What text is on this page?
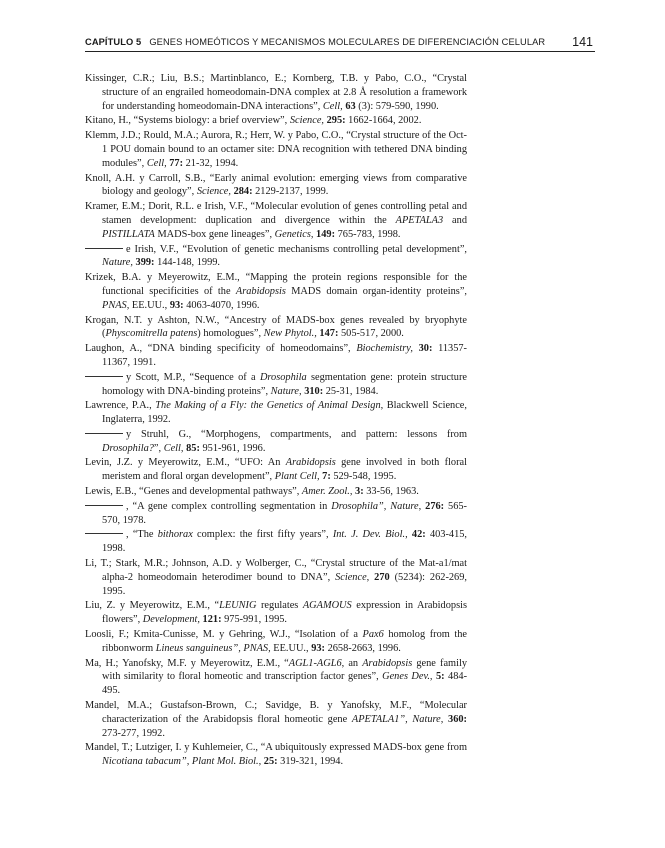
CAPÍTULO 5 GENES HOMEÓTICOS Y MECANISMOS MOLECULARES DE DIFERENCIACIÓN CELULAR 141

Kissinger, C.R.; Liu, B.S.; Martinblanco, E.; Kornberg, T.B. y Pabo, C.O., “Crystal structure of an engrailed homeodomain-DNA complex at 2.8 Å resolution a framework for understanding homeodomain-DNA interactions”, Cell, 63 (3): 579-590, 1990.

Kitano, H., “Systems biology: a brief overview”, Science, 295: 1662-1664, 2002.

Klemm, J.D.; Rould, M.A.; Aurora, R.; Herr, W. y Pabo, C.O., “Crystal structure of the Oct-1 POU domain bound to an octamer site: DNA recognition with tethered DNA binding modules”, Cell, 77: 21-32, 1994.

Knoll, A.H. y Carroll, S.B., “Early animal evolution: emerging views from comparative biology and geology”, Science, 284: 2129-2137, 1999.

Kramer, E.M.; Dorit, R.L. e Irish, V.F., “Molecular evolution of genes controlling petal and stamen development: duplication and divergence within the APETALA3 and PISTILLATA MADS-box gene lineages”, Genetics, 149: 765-783, 1998.

e Irish, V.F., “Evolution of genetic mechanisms controlling petal development”, Nature, 399: 144-148, 1999.

Krizek, B.A. y Meyerowitz, E.M., “Mapping the protein regions responsible for the functional specificities of the Arabidopsis MADS domain organ-identity proteins”, PNAS, EE.UU., 93: 4063-4070, 1996.

Krogan, N.T. y Ashton, N.W., “Ancestry of MADS-box genes revealed by bryophyte (Physcomitrella patens) homologues”, New Phytol., 147: 505-517, 2000.

Laughon, A., “DNA binding specificity of homeodomains”, Biochemistry, 30: 11357-11367, 1991.

y Scott, M.P., “Sequence of a Drosophila segmentation gene: protein structure homology with DNA-binding proteins”, Nature, 310: 25-31, 1984.

Lawrence, P.A., The Making of a Fly: the Genetics of Animal Design, Blackwell Science, Inglaterra, 1992.

y Struhl, G., “Morphogens, compartments, and pattern: lessons from Drosophila?”, Cell, 85: 951-961, 1996.

Levin, J.Z. y Meyerowitz, E.M., “UFO: An Arabidopsis gene involved in both floral meristem and floral organ development”, Plant Cell, 7: 529-548, 1995.

Lewis, E.B., “Genes and developmental pathways”, Amer. Zool., 3: 33-56, 1963.

, “A gene complex controlling segmentation in Drosophila”, Nature, 276: 565-570, 1978.

, “The bithorax complex: the first fifty years”, Int. J. Dev. Biol., 42: 403-415, 1998.

Li, T.; Stark, M.R.; Johnson, A.D. y Wolberger, C., “Crystal structure of the Mat-a1/mat alpha-2 homeodomain heterodimer bound to DNA”, Science, 270 (5234): 262-269, 1995.

Liu, Z. y Meyerowitz, E.M., “LEUNIG regulates AGAMOUS expression in Arabidopsis flowers”, Development, 121: 975-991, 1995.

Loosli, F.; Kmita-Cunisse, M. y Gehring, W.J., “Isolation of a Pax6 homolog from the ribbonworm Lineus sanguineus”, PNAS, EE.UU., 93: 2658-2663, 1996.

Ma, H.; Yanofsky, M.F. y Meyerowitz, E.M., “AGL1-AGL6, an Arabidopsis gene family with similarity to floral homeotic and transcription factor genes”, Genes Dev., 5: 484-495.

Mandel, M.A.; Gustafson-Brown, C.; Savidge, B. y Yanofsky, M.F., “Molecular characterization of the Arabidopsis floral homeotic gene APETALA1”, Nature, 360: 273-277, 1992.

Mandel, T.; Lutziger, I. y Kuhlemeier, C., “A ubiquitously expressed MADS-box gene from Nicotiana tabacum”, Plant Mol. Biol., 25: 319-321, 1994.
